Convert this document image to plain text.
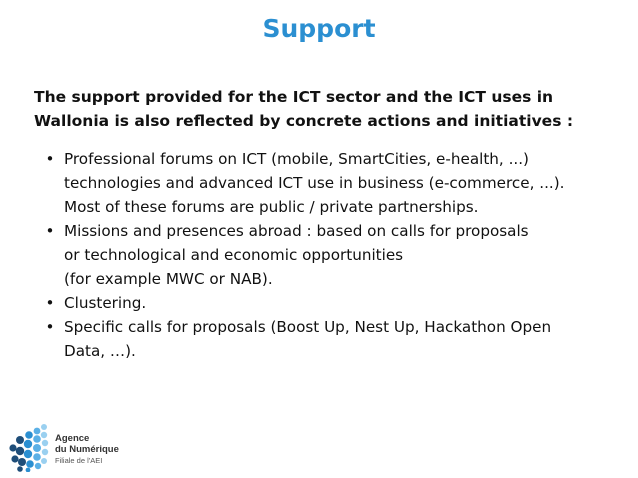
Support
The support provided for the ICT sector and the ICT uses in
Wallonia is also reflected by concrete actions and initiatives :
• Professional forums on ICT (mobile, SmartCities, e-health, ...)
technologies and advanced ICT use in business (e-commerce, ...).
Most of these forums are public / private partnerships.
• Missions and presences abroad : based on calls for proposals
or technological and economic opportunities
(for example MWC or NAB).
• Clustering.
• Specific calls for proposals (Boost Up, Nest Up, Hackathon Open
Data, …).
Agence
du Numérique
Filiale de l'AEI
